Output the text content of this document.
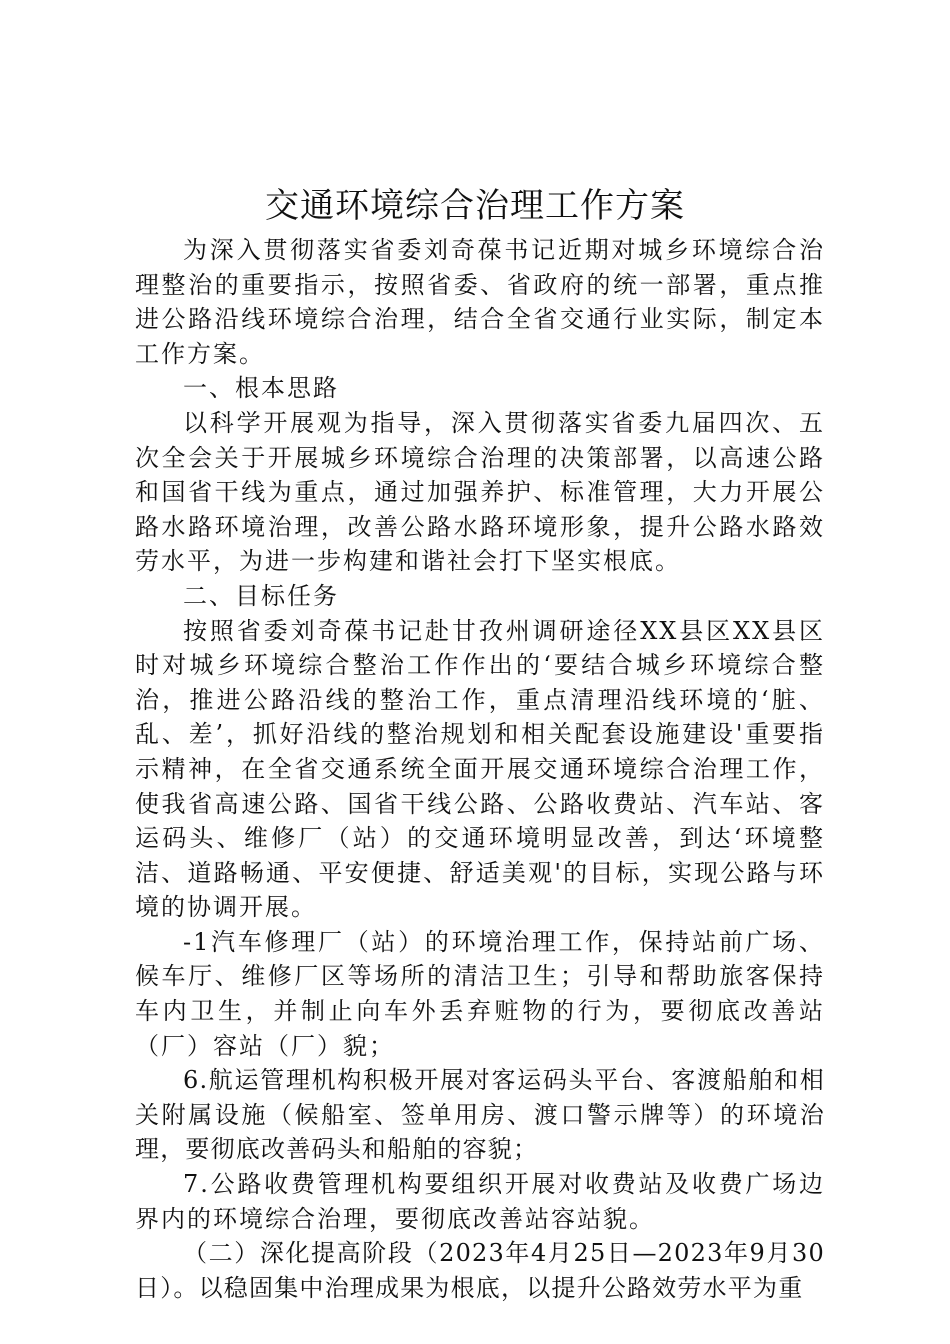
交通环境综合治理工作方案

为深入贯彻落实省委刘奇葆书记近期对城乡环境综合治理整治的重要指示，按照省委、省政府的统一部署，重点推进公路沿线环境综合治理，结合全省交通行业实际，制定本工作方案。

一、根本思路

以科学开展观为指导，深入贯彻落实省委九届四次、五次全会关于开展城乡环境综合治理的决策部署，以高速公路和国省干线为重点，通过加强养护、标准管理，大力开展公路水路环境治理，改善公路水路环境形象，提升公路水路效劳水平，为进一步构建和谐社会打下坚实根底。

二、目标任务

按照省委刘奇葆书记赴甘孜州调研途径XX县区XX县区时对城乡环境综合整治工作作出的‘要结合城乡环境综合整治，推进公路沿线的整治工作，重点清理沿线环境的‘脏、乱、差’，抓好沿线的整治规划和相关配套设施建设'重要指示精神，在全省交通系统全面开展交通环境综合治理工作，使我省高速公路、国省干线公路、公路收费站、汽车站、客运码头、维修厂（站）的交通环境明显改善，到达‘环境整洁、道路畅通、平安便捷、舒适美观'的目标，实现公路与环境的协调开展。

-1汽车修理厂（站）的环境治理工作，保持站前广场、候车厅、维修厂区等场所的清洁卫生；引导和帮助旅客保持车内卫生，并制止向车外丢弃赃物的行为，要彻底改善站（厂）容站（厂）貌；

6.航运管理机构积极开展对客运码头平台、客渡船舶和相关附属设施（候船室、签单用房、渡口警示牌等）的环境治理，要彻底改善码头和船舶的容貌；

7.公路收费管理机构要组织开展对收费站及收费广场边界内的环境综合治理，要彻底改善站容站貌。

（二）深化提高阶段（2023年4月25日—2023年9月30日）。以稳固集中治理成果为根底，以提升公路效劳水平为重
